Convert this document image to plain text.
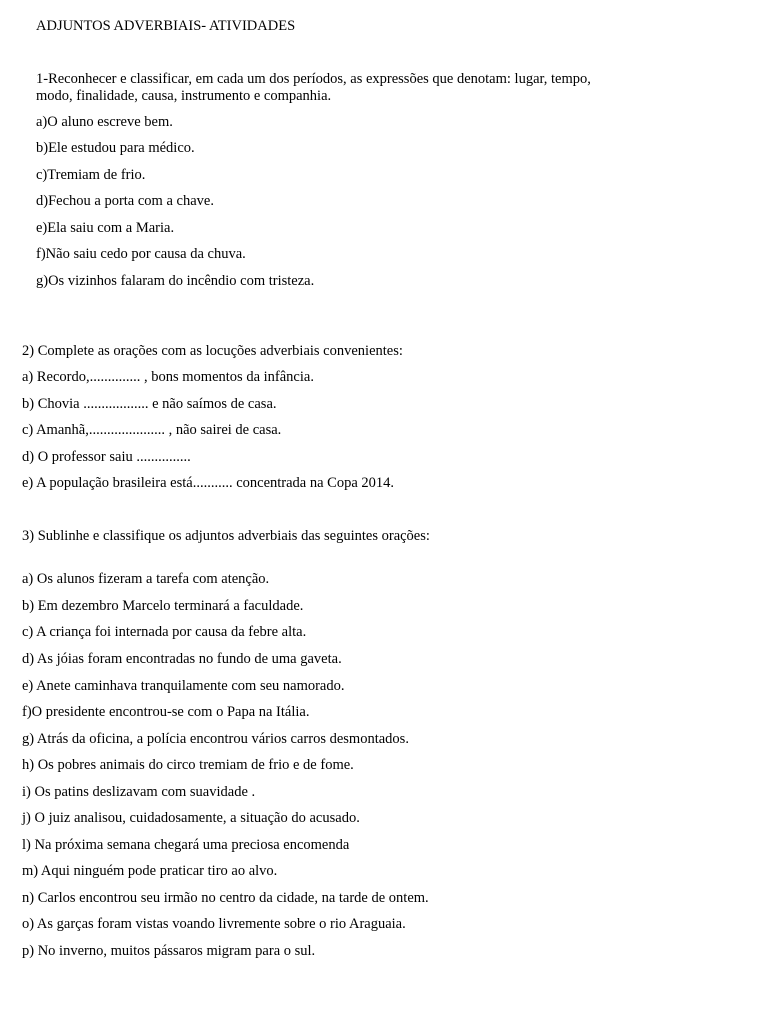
ADJUNTOS ADVERBIAIS- ATIVIDADES
1-Reconhecer e classificar, em cada um dos períodos, as expressões que denotam: lugar, tempo,
modo, finalidade, causa, instrumento e companhia.
a)O aluno escreve bem.
b)Ele estudou para médico.
c)Tremiam de frio.
d)Fechou a porta com a chave.
e)Ela saiu com a Maria.
f)Não saiu cedo por causa da chuva.
g)Os vizinhos falaram do incêndio com tristeza.
2) Complete as orações com as locuções adverbiais convenientes:
a) Recordo,.............. , bons momentos da infância.
b) Chovia .................. e não saímos de casa.
c) Amanhã,..................... , não sairei de casa.
d) O professor saiu ...............
e) A população brasileira está........... concentrada na Copa 2014.
3) Sublinhe e classifique os adjuntos adverbiais das seguintes orações:
a) Os alunos fizeram a tarefa com atenção.
b) Em dezembro Marcelo terminará a faculdade.
c) A criança foi internada por causa da febre alta.
d) As jóias foram encontradas no fundo de uma gaveta.
e) Anete caminhava tranquilamente com seu namorado.
f)O presidente encontrou-se com o Papa na Itália.
g) Atrás da oficina, a polícia encontrou vários carros desmontados.
h) Os pobres animais do circo tremiam de frio e de fome.
i) Os patins deslizavam com suavidade .
j) O juiz analisou, cuidadosamente, a situação do acusado.
l) Na próxima semana chegará uma preciosa encomenda
m) Aqui ninguém pode praticar tiro ao alvo.
n) Carlos encontrou seu irmão no centro da cidade, na tarde de ontem.
o) As garças foram vistas voando livremente sobre o rio Araguaia.
p) No inverno, muitos pássaros migram para o sul.
